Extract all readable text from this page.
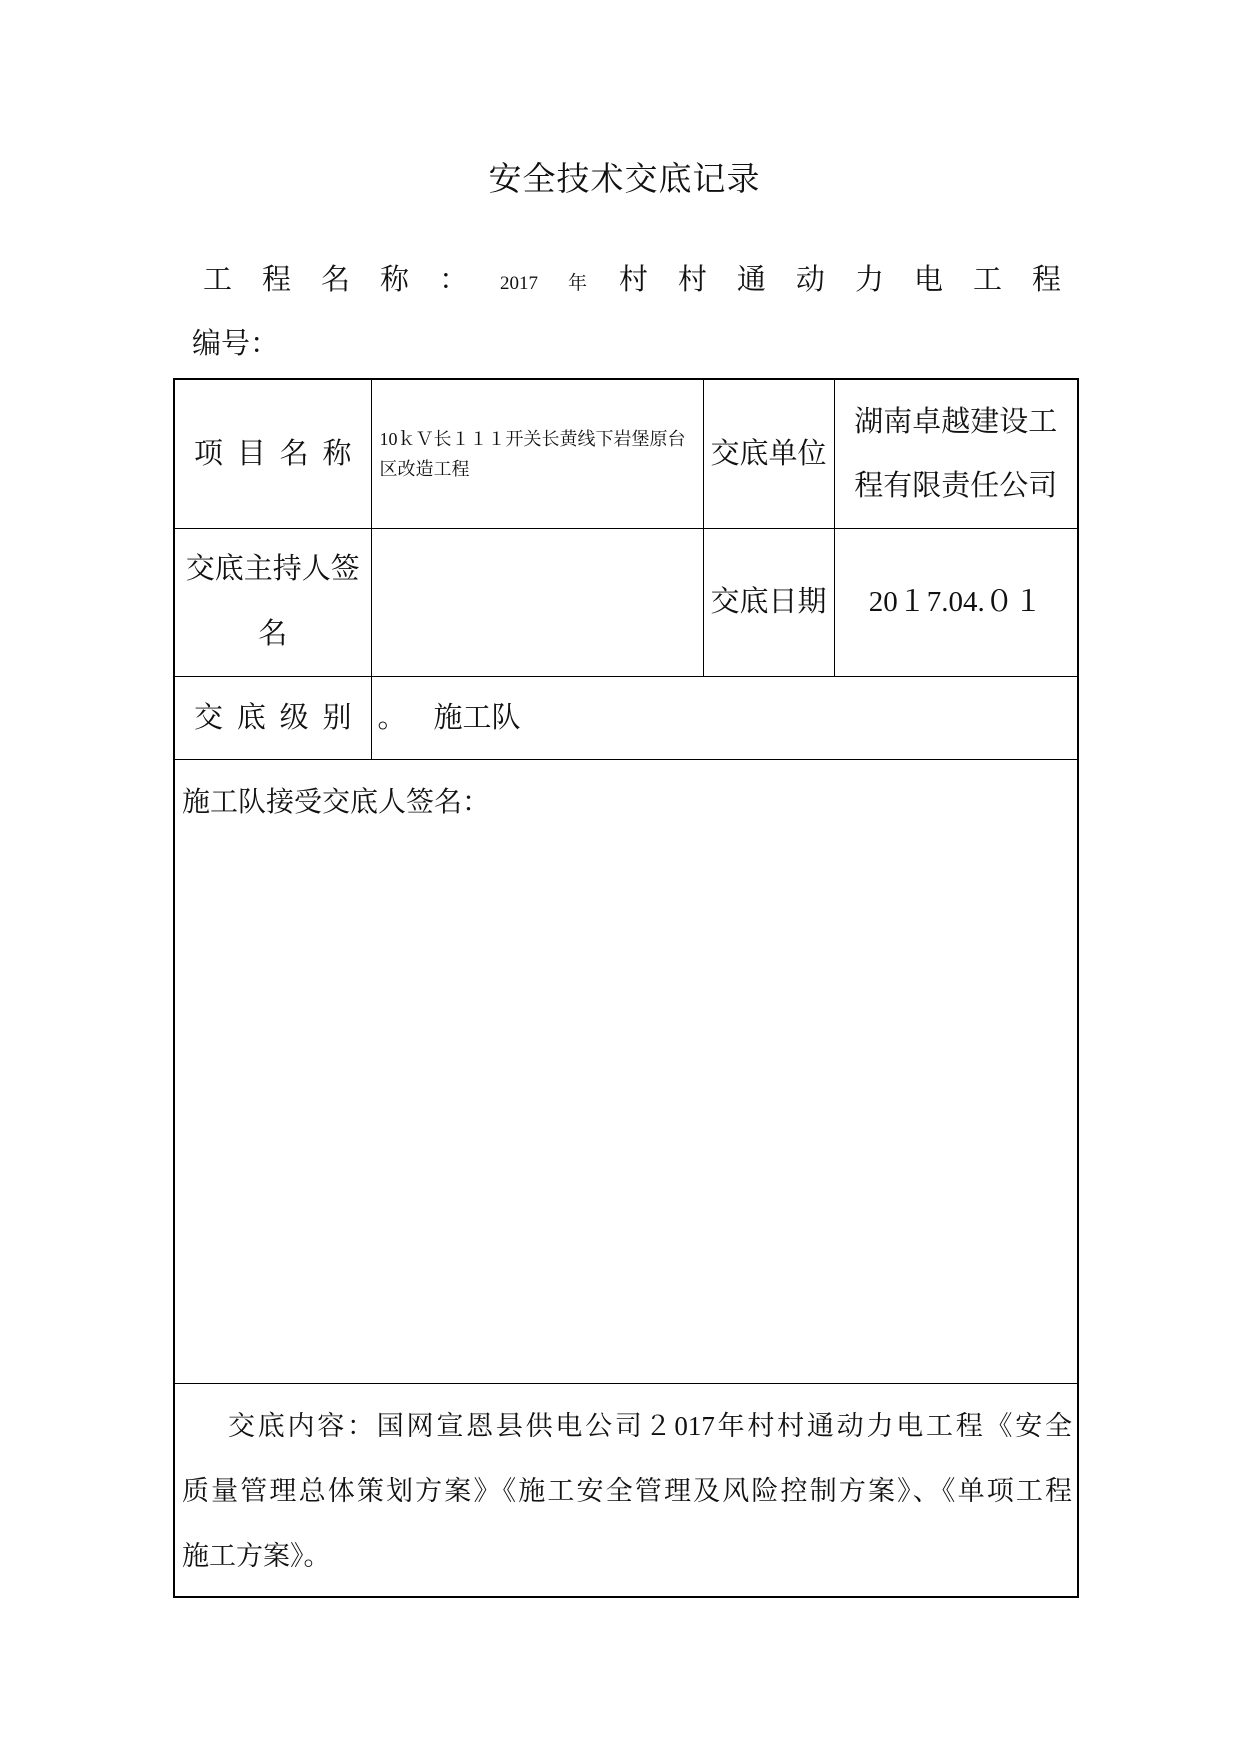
安全技术交底记录
工 程 名 称 ： 2017 年 村 村 通 动 力 电 工 程
编号：
项 目 名 称	10ｋＶ长１１１开关长黄线下岩堡原台区改造工程	交底单位	湖南卓越建设工程有限责任公司
交底主持人签名		交底日期	20１7.04.０１

交 底 级 别	。 施工队		
施工队接受交底人签名：			

交底内容：国网宣恩县供电公司２017年村村通动力电工程《安全
质量管理总体策划方案》《施工安全管理及风险控制方案》、《单项工程
施工方案》。			
